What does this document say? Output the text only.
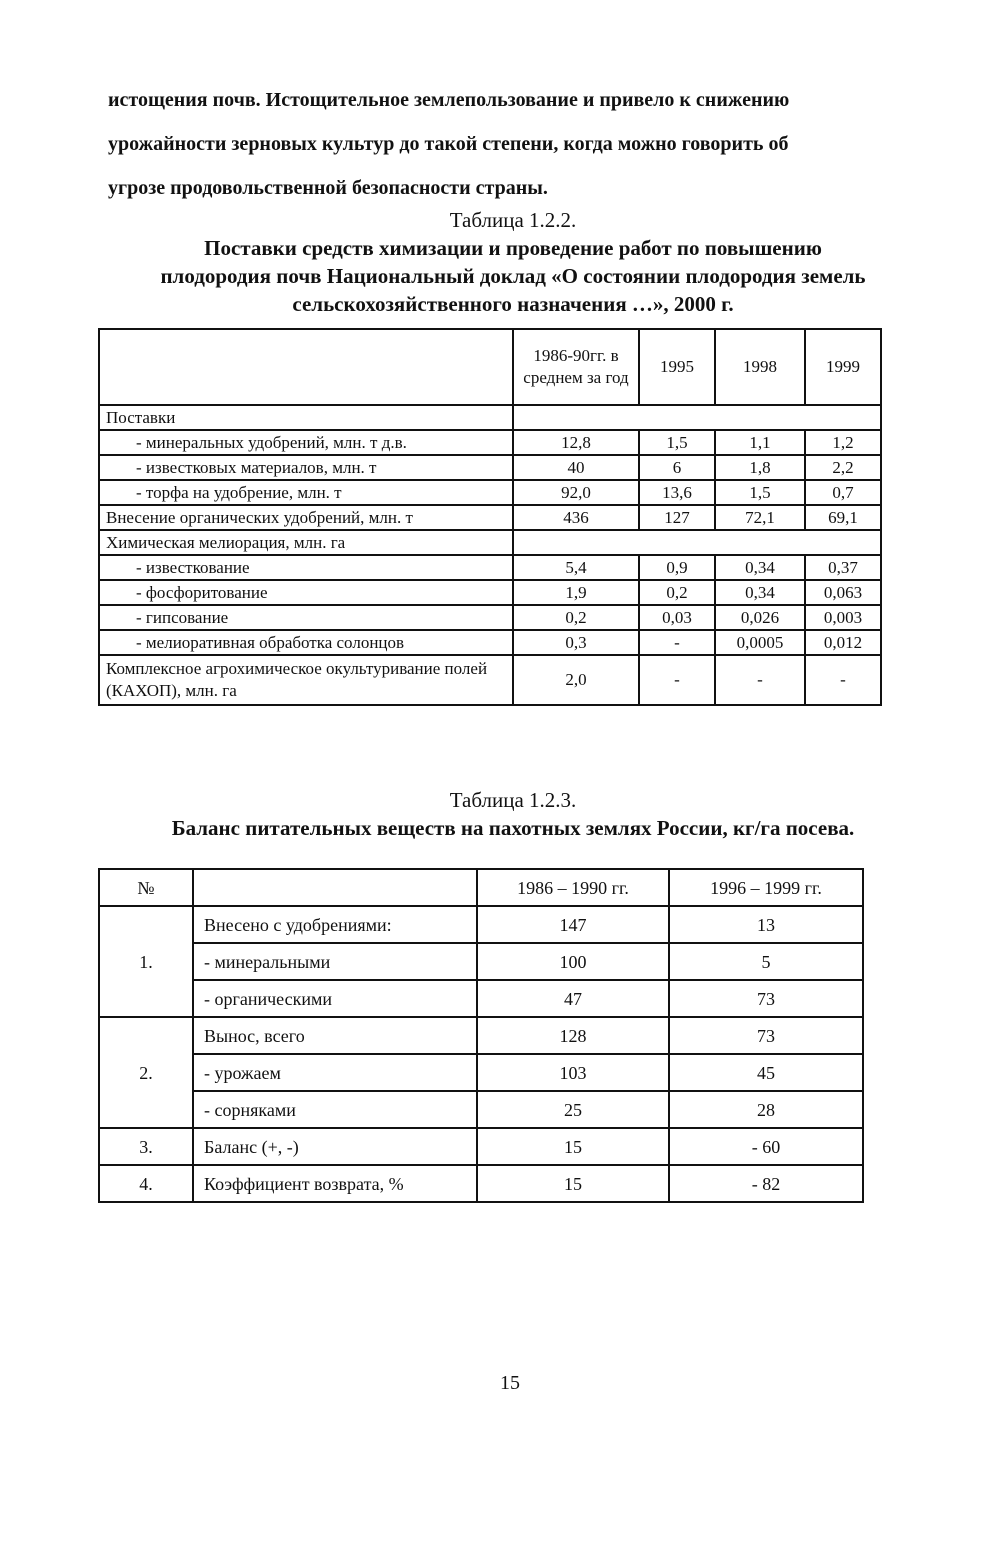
истощения почв. Истощительное землепользование и привело к снижению
урожайности зерновых культур до такой степени, когда можно говорить об
угрозе продовольственной безопасности страны.
Таблица 1.2.2.
Поставки средств химизации и проведение работ по повышению
плодородия почв Национальный доклад «О состоянии плодородия земель
сельскохозяйственного назначения …», 2000 г.
	1986-90гг. в среднем за год	1995	1998	1999
Поставки				
- минеральных удобрений, млн. т д.в.	12,8	1,5	1,1	1,2
- известковых материалов, млн. т	40	6	1,8	2,2
- торфа на удобрение, млн. т	92,0	13,6	1,5	0,7
Внесение органических удобрений, млн. т	436	127	72,1	69,1
Химическая мелиорация, млн. га				
- известкование	5,4	0,9	0,34	0,37
- фосфоритование	1,9	0,2	0,34	0,063
- гипсование	0,2	0,03	0,026	0,003
- мелиоративная обработка солонцов	0,3	-	0,0005	0,012
Комплексное агрохимическое окультуривание полей (КАХОП), млн. га	2,0	-	-	-
Таблица 1.2.3.
Баланс питательных веществ на пахотных землях России, кг/га посева.
№		1986 – 1990 гг.	1996 – 1999 гг.
1.	Внесено с удобрениями:	147	13
	- минеральными	100	5
	- органическими	47	73
2.	Вынос, всего	128	73
	- урожаем	103	45
	- сорняками	25	28
3.	Баланс (+, -)	15	- 60
4.	Коэффициент возврата, %	15	- 82
15
